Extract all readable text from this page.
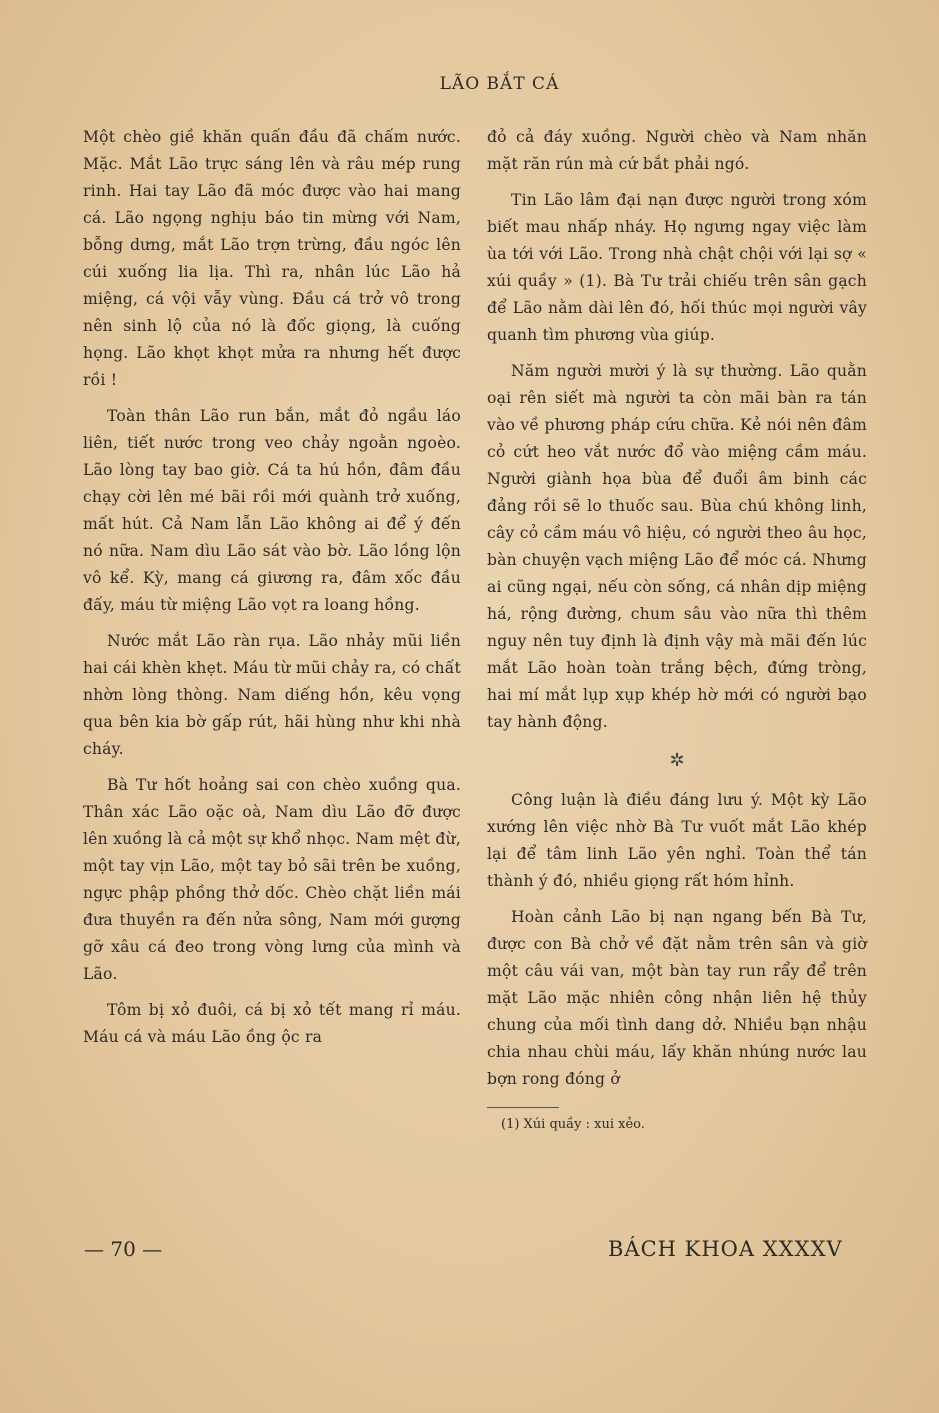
LÃO BẮT CÁ

Một chèo giề khăn quấn đầu đã chấm nước. Mặc. Mắt Lão trực sáng lên và râu mép rung rinh. Hai tay Lão đã móc được vào hai mang cá. Lão ngọng nghịu báo tin mừng với Nam, bỗng dưng, mắt Lão trợn trừng, đầu ngóc lên cúi xuống lia lịa. Thì ra, nhân lúc Lão hả miệng, cá vội vẫy vùng. Đầu cá trở vô trong nên sinh lộ của nó là đốc giọng, là cuống họng. Lão khọt khọt mửa ra nhưng hết được rồi !

Toàn thân Lão run bắn, mắt đỏ ngầu láo liên, tiết nước trong veo chảy ngoằn ngoèo. Lão lòng tay bao giờ. Cá ta hú hồn, đâm đầu chạy cời lên mé bãi rồi mới quành trở xuống, mất hút. Cả Nam lẫn Lão không ai để ý đến nó nữa. Nam dìu Lão sát vào bờ. Lão lồng lộn vô kể. Kỳ, mang cá giương ra, đâm xốc đầu đấy, máu từ miệng Lão vọt ra loang hồng.

Nước mắt Lão ràn rụa. Lão nhảy mũi liền hai cái khèn khẹt. Máu từ mũi chảy ra, có chất nhờn lòng thòng. Nam diếng hồn, kêu vọng qua bên kia bờ gấp rút, hãi hùng như khi nhà cháy.

Bà Tư hốt hoảng sai con chèo xuồng qua. Thân xác Lão oặc oà, Nam dìu Lão đỡ được lên xuồng là cả một sự khổ nhọc. Nam mệt đừ, một tay vịn Lão, một tay bỏ sãi trên be xuồng, ngực phập phồng thở dốc. Chèo chặt liền mái đưa thuyền ra đến nửa sông, Nam mới gượng gỡ xâu cá đeo trong vòng lưng của mình và Lão.

Tôm bị xỏ đuôi, cá bị xỏ tết mang rỉ máu. Máu cá và máu Lão ồng ộc ra

đỏ cả đáy xuồng. Người chèo và Nam nhăn mặt răn rún mà cứ bắt phải ngó.

Tin Lão lâm đại nạn được người trong xóm biết mau nhấp nháy. Họ ngưng ngay việc làm ùa tới với Lão. Trong nhà chật chội với lại sợ « xúi quầy » (1). Bà Tư trải chiếu trên sân gạch để Lão nằm dài lên đó, hối thúc mọi người vây quanh tìm phương vùa giúp.

Năm người mười ý là sự thường. Lão quằn oại rên siết mà người ta còn mãi bàn ra tán vào về phương pháp cứu chữa. Kẻ nói nên đâm cỏ cứt heo vắt nước đổ vào miệng cầm máu. Người giành họa bùa để đuổi âm binh các đảng rồi sẽ lo thuốc sau. Bùa chú không linh, cây cỏ cầm máu vô hiệu, có người theo âu học, bàn chuyện vạch miệng Lão để móc cá. Nhưng ai cũng ngại, nếu còn sống, cá nhân dịp miệng há, rộng đường, chum sâu vào nữa thì thêm nguy nên tuy định là định vậy mà mãi đến lúc mắt Lão hoàn toàn trắng bệch, đứng tròng, hai mí mắt lụp xụp khép hờ mới có người bạo tay hành động.

✲

Công luận là điều đáng lưu ý. Một kỳ Lão xướng lên việc nhờ Bà Tư vuốt mắt Lão khép lại để tâm linh Lão yên nghỉ. Toàn thể tán thành ý đó, nhiều giọng rất hóm hỉnh.

Hoàn cảnh Lão bị nạn ngang bến Bà Tư, được con Bà chở về đặt nằm trên sân và giờ một câu vái van, một bàn tay run rẩy để trên mặt Lão mặc nhiên công nhận liên hệ thủy chung của mối tình dang dở. Nhiều bạn nhậu chia nhau chùi máu, lấy khăn nhúng nước lau bợn rong đóng ở

(1) Xúi quầy : xui xẻo.
— 70 —	BÁCH KHOA XXXXV
